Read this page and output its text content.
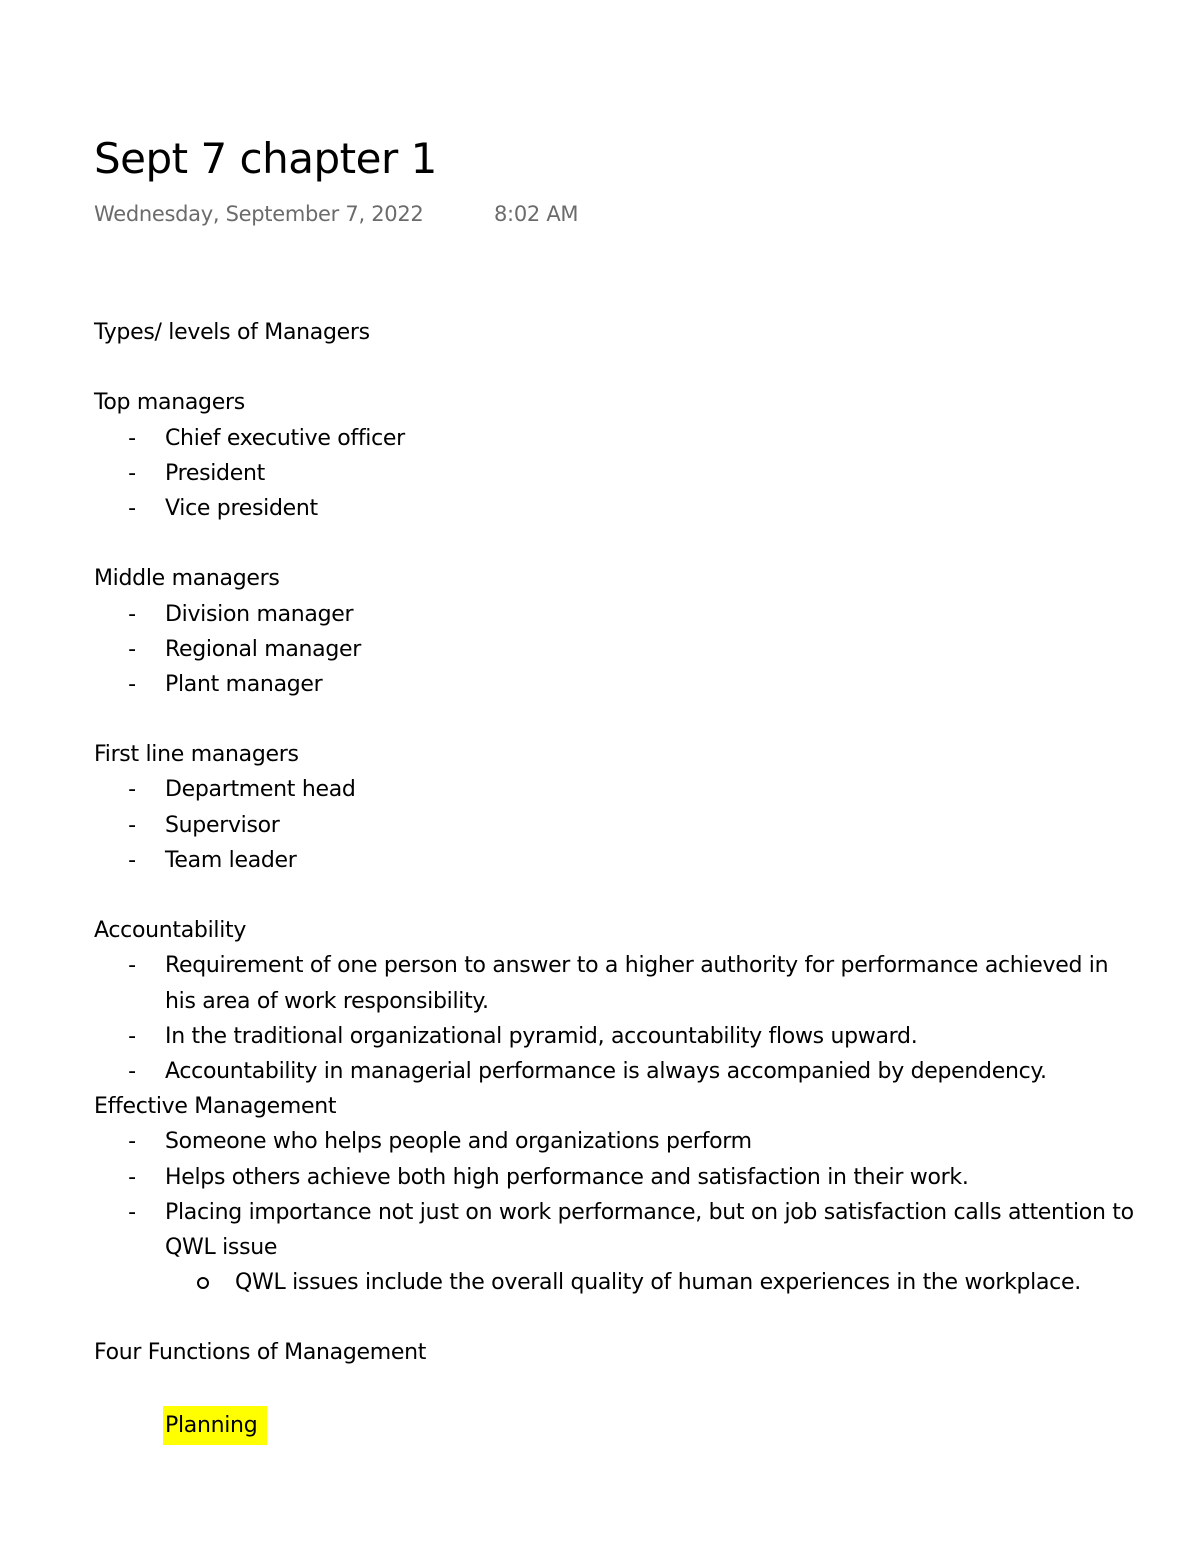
Sept 7 chapter 1
Wednesday, September 7, 2022	8:02 AM
Types/ levels of Managers
Top managers
- Chief executive officer
- President
- Vice president
Middle managers
- Division manager
- Regional manager
- Plant manager
First line managers
- Department head
- Supervisor
- Team leader
Accountability
- Requirement of one person to answer to a higher authority for performance achieved in
his area of work responsibility.
- In the traditional organizational pyramid, accountability flows upward.
- Accountability in managerial performance is always accompanied by dependency.
Effective Management
- Someone who helps people and organizations perform
- Helps others achieve both high performance and satisfaction in their work.
- Placing importance not just on work performance, but on job satisfaction calls attention to
QWL issue
QWL issues include the overall quality of human experiences in the workplace.
Four Functions of Management
Planning
